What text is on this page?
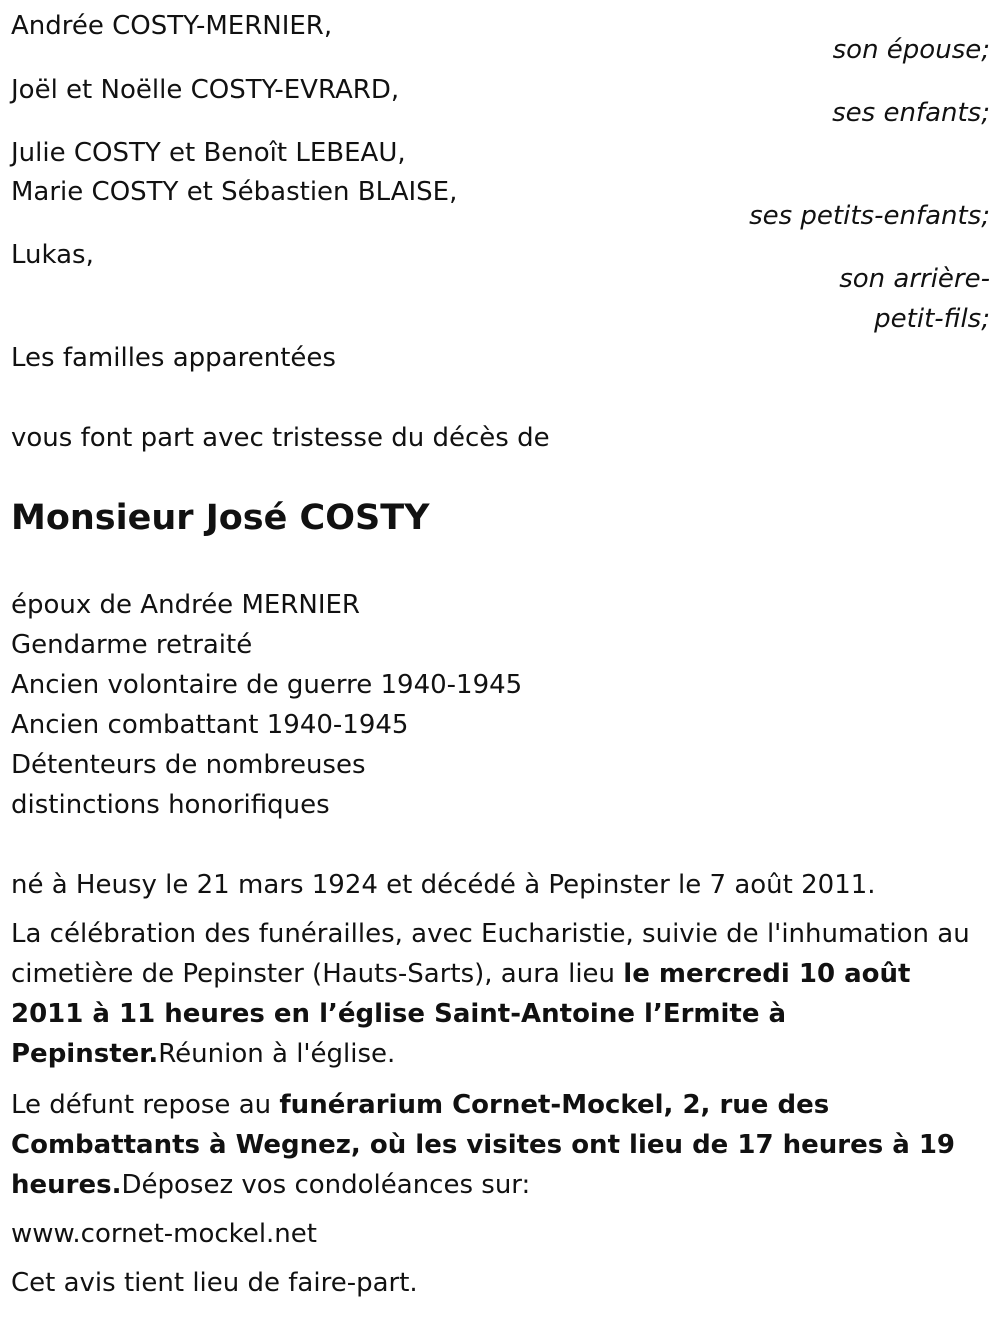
Andrée COSTY-MERNIER,
son épouse;
Joël et Noëlle COSTY-EVRARD,
ses enfants;
Julie COSTY et Benoît LEBEAU,
Marie COSTY et Sébastien BLAISE,
ses petits-enfants;
Lukas,
son arrière-
petit-fils;
Les familles apparentées
vous font part avec tristesse du décès de
Monsieur José COSTY
époux de Andrée MERNIER
Gendarme retraité
Ancien volontaire de guerre 1940-1945
Ancien combattant 1940-1945
Détenteurs de nombreuses
distinctions honorifiques
né à Heusy le 21 mars 1924 et décédé à Pepinster le 7 août 2011.
La célébration des funérailles, avec Eucharistie, suivie de l'inhumation au cimetière de Pepinster (Hauts-Sarts), aura lieu le mercredi 10 août 2011 à 11 heures en l’église Saint-Antoine l’Ermite à Pepinster.Réunion à l'église.
Le défunt repose au funérarium Cornet-Mockel, 2, rue des Combattants à Wegnez, où les visites ont lieu de 17 heures à 19 heures.Déposez vos condoléances sur:
www.cornet-mockel.net
Cet avis tient lieu de faire-part.
